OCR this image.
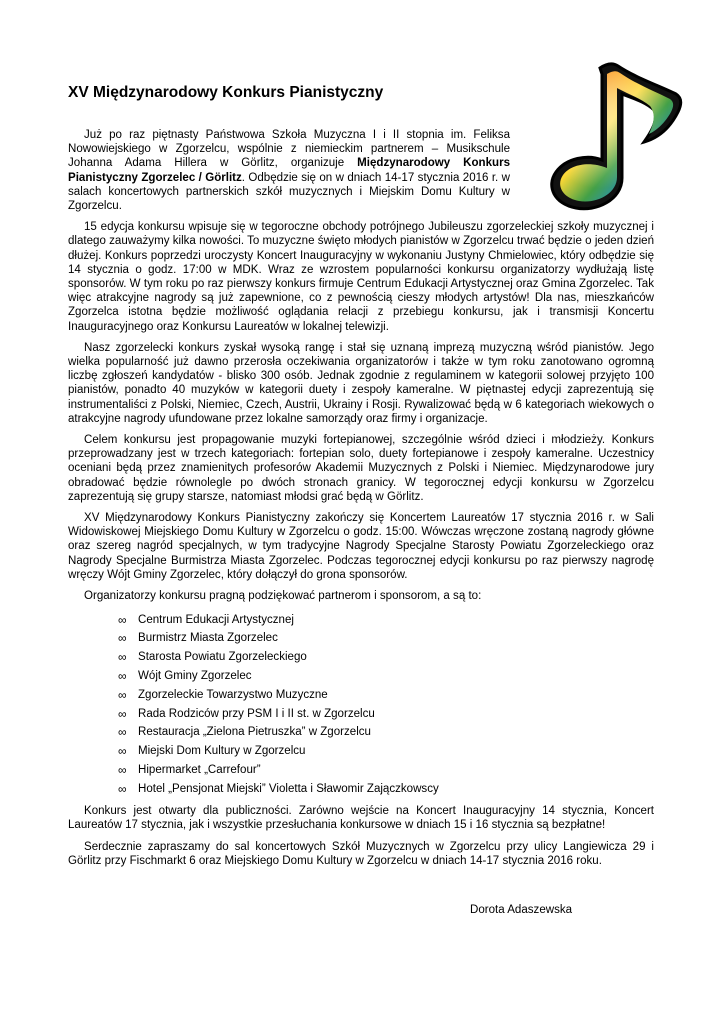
XV Międzynarodowy Konkurs Pianistyczny

Już po raz piętnasty Państwowa Szkoła Muzyczna I i II stopnia im. Feliksa Nowowiejskiego w Zgorzelcu, wspólnie z niemieckim partnerem – Musikschule Johanna Adama Hillera w Görlitz, organizuje Międzynarodowy Konkurs Pianistyczny Zgorzelec / Görlitz. Odbędzie się on w dniach 14-17 stycznia 2016 r. w salach koncertowych partnerskich szkół muzycznych i Miejskim Domu Kultury w Zgorzelcu.

15 edycja konkursu wpisuje się w tegoroczne obchody potrójnego Jubileuszu zgorzeleckiej szkoły muzycznej i dlatego zauważymy kilka nowości. To muzyczne święto młodych pianistów w Zgorzelcu trwać będzie o jeden dzień dłużej. Konkurs poprzedzi uroczysty Koncert Inauguracyjny w wykonaniu Justyny Chmielowiec, który odbędzie się 14 stycznia o godz. 17:00 w MDK. Wraz ze wzrostem popularności konkursu organizatorzy wydłużają listę sponsorów. W tym roku po raz pierwszy konkurs firmuje Centrum Edukacji Artystycznej oraz Gmina Zgorzelec. Tak więc atrakcyjne nagrody są już zapewnione, co z pewnością cieszy młodych artystów! Dla nas, mieszkańców Zgorzelca istotna będzie możliwość oglądania relacji z przebiegu konkursu, jak i transmisji Koncertu Inauguracyjnego oraz Konkursu Laureatów w lokalnej telewizji.

Nasz zgorzelecki konkurs zyskał wysoką rangę i stał się uznaną imprezą muzyczną wśród pianistów. Jego wielka popularność już dawno przerosła oczekiwania organizatorów i także w tym roku zanotowano ogromną liczbę zgłoszeń kandydatów - blisko 300 osób. Jednak zgodnie z regulaminem w kategorii solowej przyjęto 100 pianistów, ponadto 40 muzyków w kategorii duety i zespoły kameralne. W piętnastej edycji zaprezentują się instrumentaliści z Polski, Niemiec, Czech, Austrii, Ukrainy i Rosji. Rywalizować będą w 6 kategoriach wiekowych o atrakcyjne nagrody ufundowane przez lokalne samorządy oraz firmy i organizacje.

Celem konkursu jest propagowanie muzyki fortepianowej, szczególnie wśród dzieci i młodzieży. Konkurs przeprowadzany jest w trzech kategoriach: fortepian solo, duety fortepianowe i zespoły kameralne. Uczestnicy oceniani będą przez znamienitych profesorów Akademii Muzycznych z Polski i Niemiec. Międzynarodowe jury obradować będzie równolegle po dwóch stronach granicy. W tegorocznej edycji konkursu w Zgorzelcu zaprezentują się grupy starsze, natomiast młodsi grać będą w Görlitz.

XV Międzynarodowy Konkurs Pianistyczny zakończy się Koncertem Laureatów 17 stycznia 2016 r. w Sali Widowiskowej Miejskiego Domu Kultury w Zgorzelcu o godz. 15:00. Wówczas wręczone zostaną nagrody główne oraz szereg nagród specjalnych, w tym tradycyjne Nagrody Specjalne Starosty Powiatu Zgorzeleckiego oraz Nagrody Specjalne Burmistrza Miasta Zgorzelec. Podczas tegorocznej edycji konkursu po raz pierwszy nagrodę wręczy Wójt Gminy Zgorzelec, który dołączył do grona sponsorów.

Organizatorzy konkursu pragną podziękować partnerom i sponsorom, a są to:

∞ Centrum Edukacji Artystycznej
∞ Burmistrz Miasta Zgorzelec
∞ Starosta Powiatu Zgorzeleckiego
∞ Wójt Gminy Zgorzelec
∞ Zgorzeleckie Towarzystwo Muzyczne
∞ Rada Rodziców przy PSM I i II st. w Zgorzelcu
∞ Restauracja „Zielona Pietruszka” w Zgorzelcu
∞ Miejski Dom Kultury w Zgorzelcu
∞ Hipermarket „Carrefour”
∞ Hotel „Pensjonat Miejski” Violetta i Sławomir Zajączkowscy

Konkurs jest otwarty dla publiczności. Zarówno wejście na Koncert Inauguracyjny 14 stycznia, Koncert Laureatów 17 stycznia, jak i wszystkie przesłuchania konkursowe w dniach 15 i 16 stycznia są bezpłatne!

Serdecznie zapraszamy do sal koncertowych Szkół Muzycznych w Zgorzelcu przy ulicy Langiewicza 29 i Görlitz przy Fischmarkt 6 oraz Miejskiego Domu Kultury w Zgorzelcu w dniach 14-17 stycznia 2016 roku.

Dorota Adaszewska
